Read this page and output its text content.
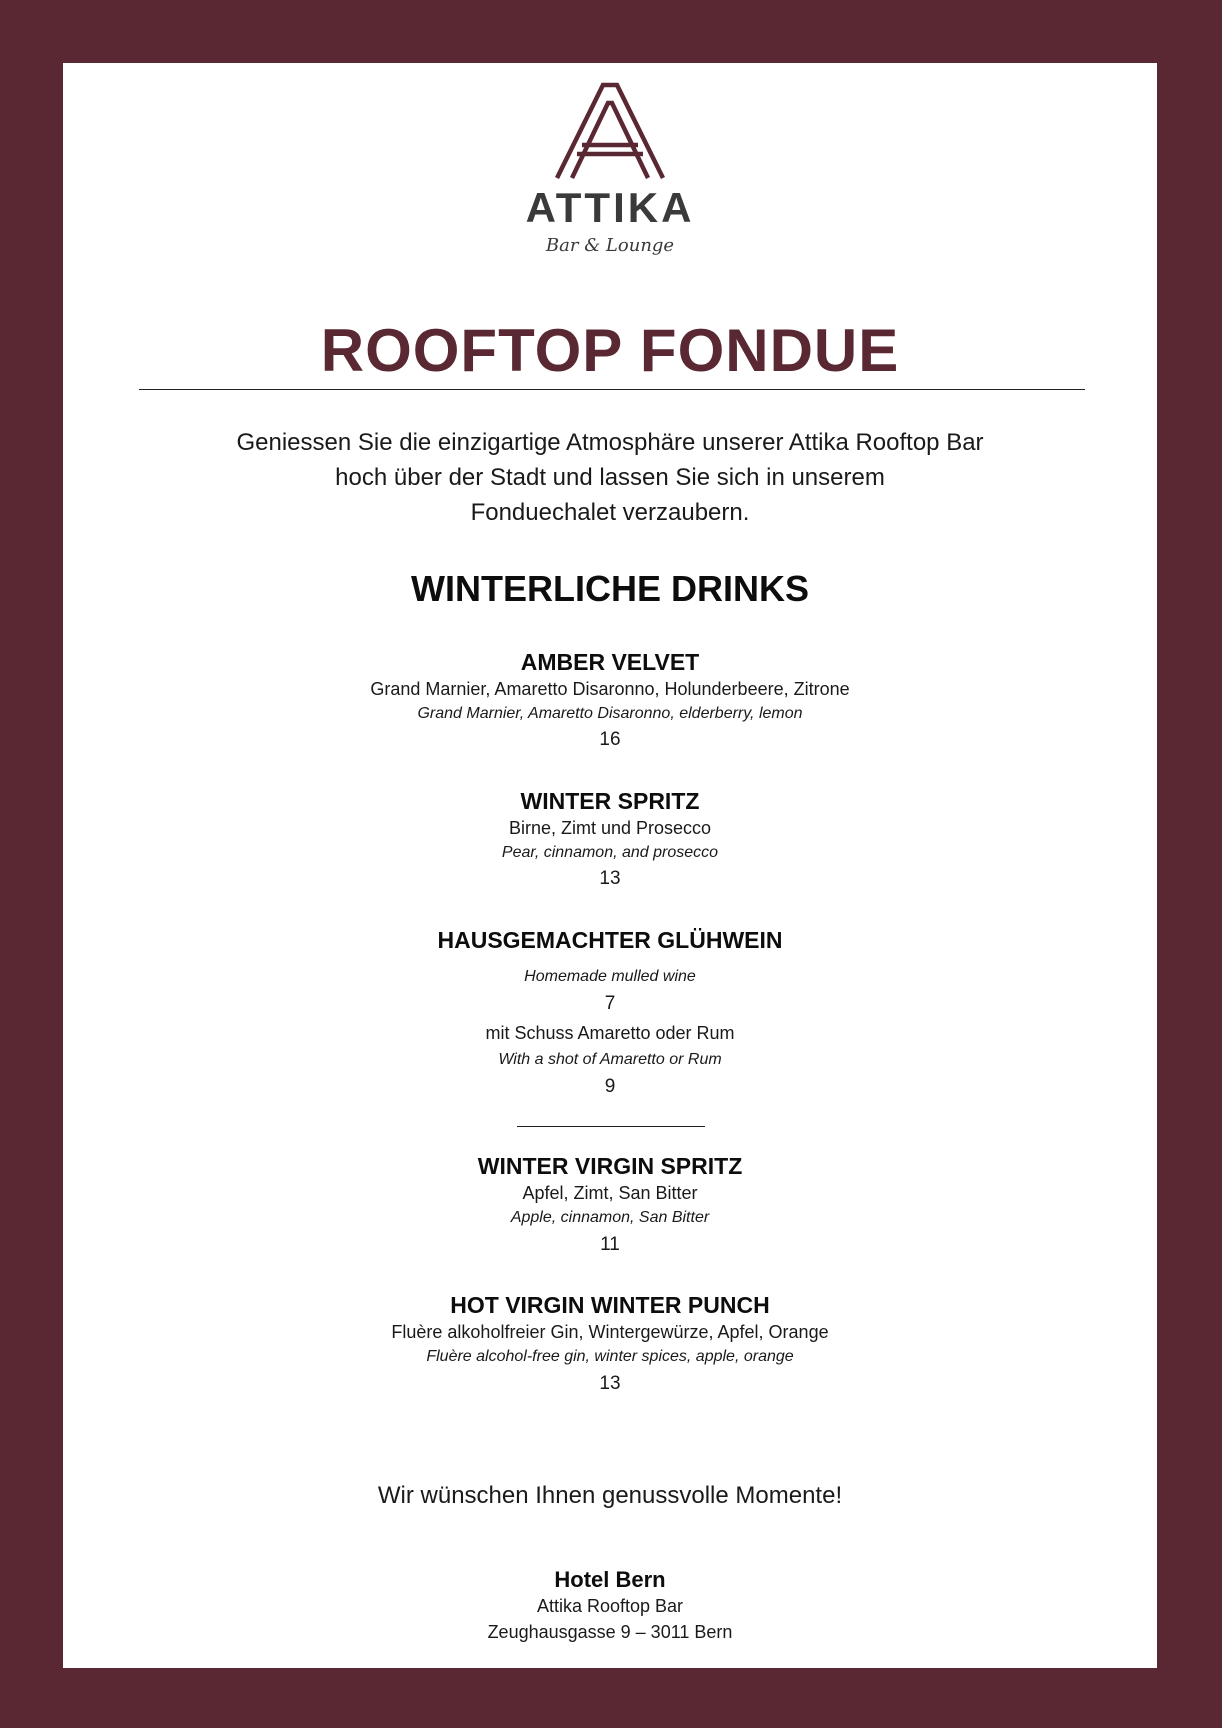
ATTIKA
Bar & Lounge
ROOFTOP FONDUE
Geniessen Sie die einzigartige Atmosphäre unserer Attika Rooftop Bar
hoch über der Stadt und lassen Sie sich in unserem
Fonduechalet verzaubern.
WINTERLICHE DRINKS
AMBER VELVET
Grand Marnier, Amaretto Disaronno, Holunderbeere, Zitrone
Grand Marnier, Amaretto Disaronno, elderberry, lemon
16
WINTER SPRITZ
Birne, Zimt und Prosecco
Pear, cinnamon, and prosecco
13
HAUSGEMACHTER GLÜHWEIN
Homemade mulled wine
7
mit Schuss Amaretto oder Rum
With a shot of Amaretto or Rum
9
WINTER VIRGIN SPRITZ
Apfel, Zimt, San Bitter
Apple, cinnamon, San Bitter
11
HOT VIRGIN WINTER PUNCH
Fluère alkoholfreier Gin, Wintergewürze, Apfel, Orange
Fluère alcohol-free gin, winter spices, apple, orange
13
Wir wünschen Ihnen genussvolle Momente!
Hotel Bern
Attika Rooftop Bar
Zeughausgasse 9 – 3011 Bern
